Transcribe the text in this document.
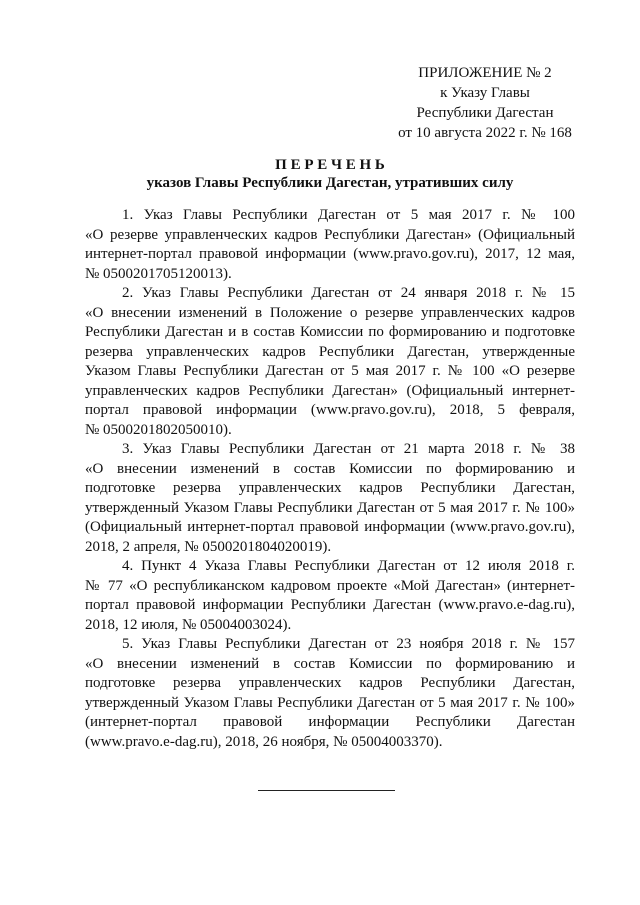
ПРИЛОЖЕНИЕ № 2
к Указу Главы
Республики Дагестан
от 10 августа 2022 г. № 168
П Е Р Е Ч Е Н Ь
указов Главы Республики Дагестан, утративших силу
1. Указ Главы Республики Дагестан от 5 мая 2017 г. № 100
«О резерве управленческих кадров Республики Дагестан» (Официальный
интернет-портал правовой информации (www.pravo.gov.ru), 2017, 12 мая,
№ 0500201705120013).
2. Указ Главы Республики Дагестан от 24 января 2018 г. № 15
«О внесении изменений в Положение о резерве управленческих кадров
Республики Дагестан и в состав Комиссии по формированию и подготовке
резерва управленческих кадров Республики Дагестан, утвержденные
Указом Главы Республики Дагестан от 5 мая 2017 г. № 100 «О резерве
управленческих кадров Республики Дагестан» (Официальный интернет-
портал правовой информации (www.pravo.gov.ru), 2018, 5 февраля,
№ 0500201802050010).
3. Указ Главы Республики Дагестан от 21 марта 2018 г. № 38
«О внесении изменений в состав Комиссии по формированию и
подготовке резерва управленческих кадров Республики Дагестан,
утвержденный Указом Главы Республики Дагестан от 5 мая 2017 г. № 100»
(Официальный интернет-портал правовой информации (www.pravo.gov.ru),
2018, 2 апреля, № 0500201804020019).
4. Пункт 4 Указа Главы Республики Дагестан от 12 июля 2018 г.
№ 77 «О республиканском кадровом проекте «Мой Дагестан» (интернет-
портал правовой информации Республики Дагестан (www.pravo.e-dag.ru),
2018, 12 июля, № 05004003024).
5. Указ Главы Республики Дагестан от 23 ноября 2018 г. № 157
«О внесении изменений в состав Комиссии по формированию и
подготовке резерва управленческих кадров Республики Дагестан,
утвержденный Указом Главы Республики Дагестан от 5 мая 2017 г. № 100»
(интернет-портал правовой информации Республики Дагестан
(www.pravo.e-dag.ru), 2018, 26 ноября, № 05004003370).
